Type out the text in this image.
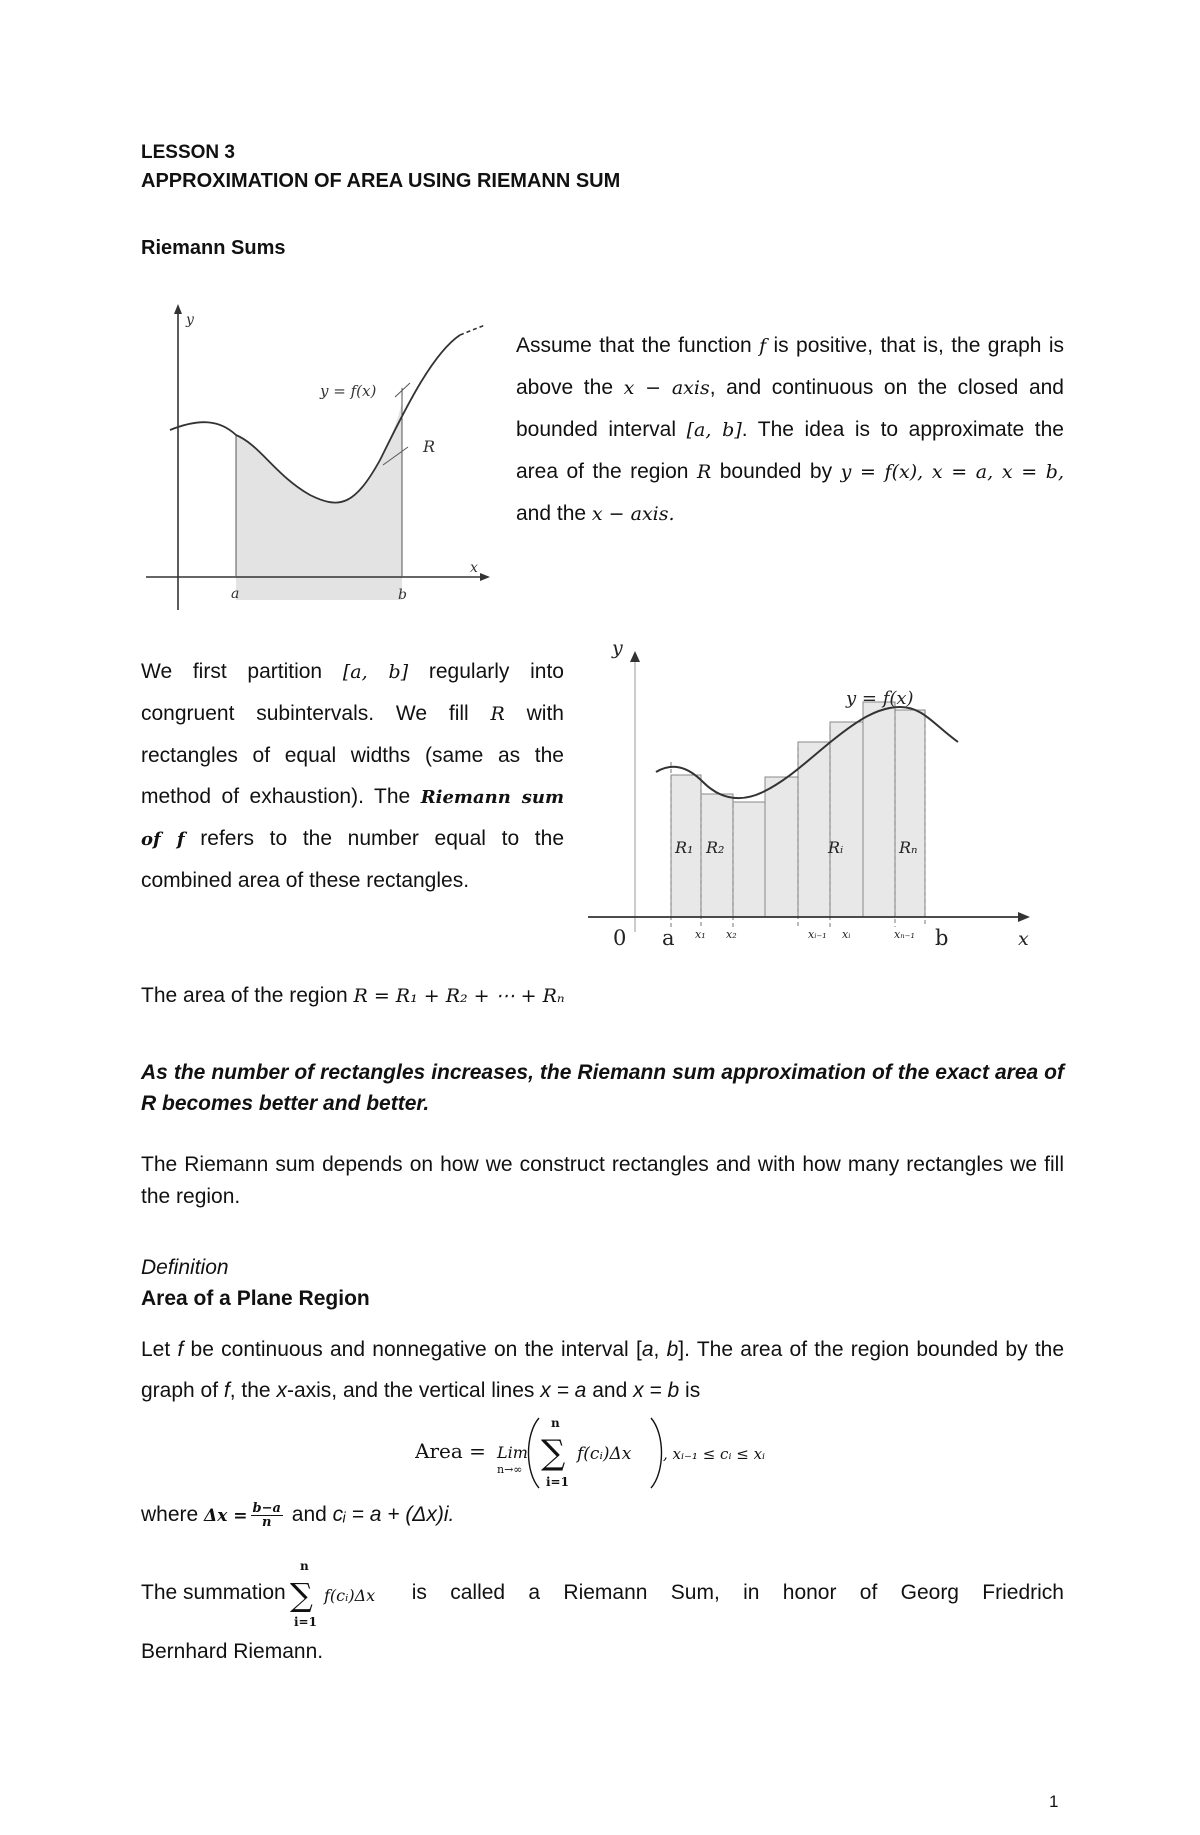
LESSON 3
APPROXIMATION OF AREA USING RIEMANN SUM
Riemann Sums
y
y = f(x)
R
x
a	b
Assume that the function f is positive, that is, the graph is above the x − axis, and continuous on the closed and bounded interval [a, b]. The idea is to approximate the area of the region R bounded by y = f(x), x = a, x = b, and the x − axis.
y
y = f(x)
R₁ R₂	Rᵢ	Rₙ
0 a	b	x
x₁ x₂	xᵢ₋₁ xᵢ	xₙ₋₁
We first partition [a, b] regularly into congruent subintervals. We fill R with rectangles of equal widths (same as the method of exhaustion). The Riemann sum of f refers to the number equal to the combined area of these rectangles.
The area of the region R = R₁ + R₂ + ⋯ + Rₙ
As the number of rectangles increases, the Riemann sum approximation of the exact area of R becomes better and better.
The Riemann sum depends on how we construct rectangles and with how many rectangles we fill the region.
Definition
Area of a Plane Region
Let f be continuous and nonnegative on the interval [a, b]. The area of the region bounded by the graph of f, the x-axis, and the vertical lines x = a and x = b is
Area = Lim
n→∞
n
∑
i=1
f(cᵢ)Δx , xᵢ₋₁ ≤ cᵢ ≤ xᵢ
where $\Delta x = \frac{b-a}{n}$ and cᵢ = a + (Δx)i.
The summation
n
∑
i=1
f(cᵢ)Δx is called a Riemann Sum, in honor of Georg Friedrich
Bernhard Riemann.
1
